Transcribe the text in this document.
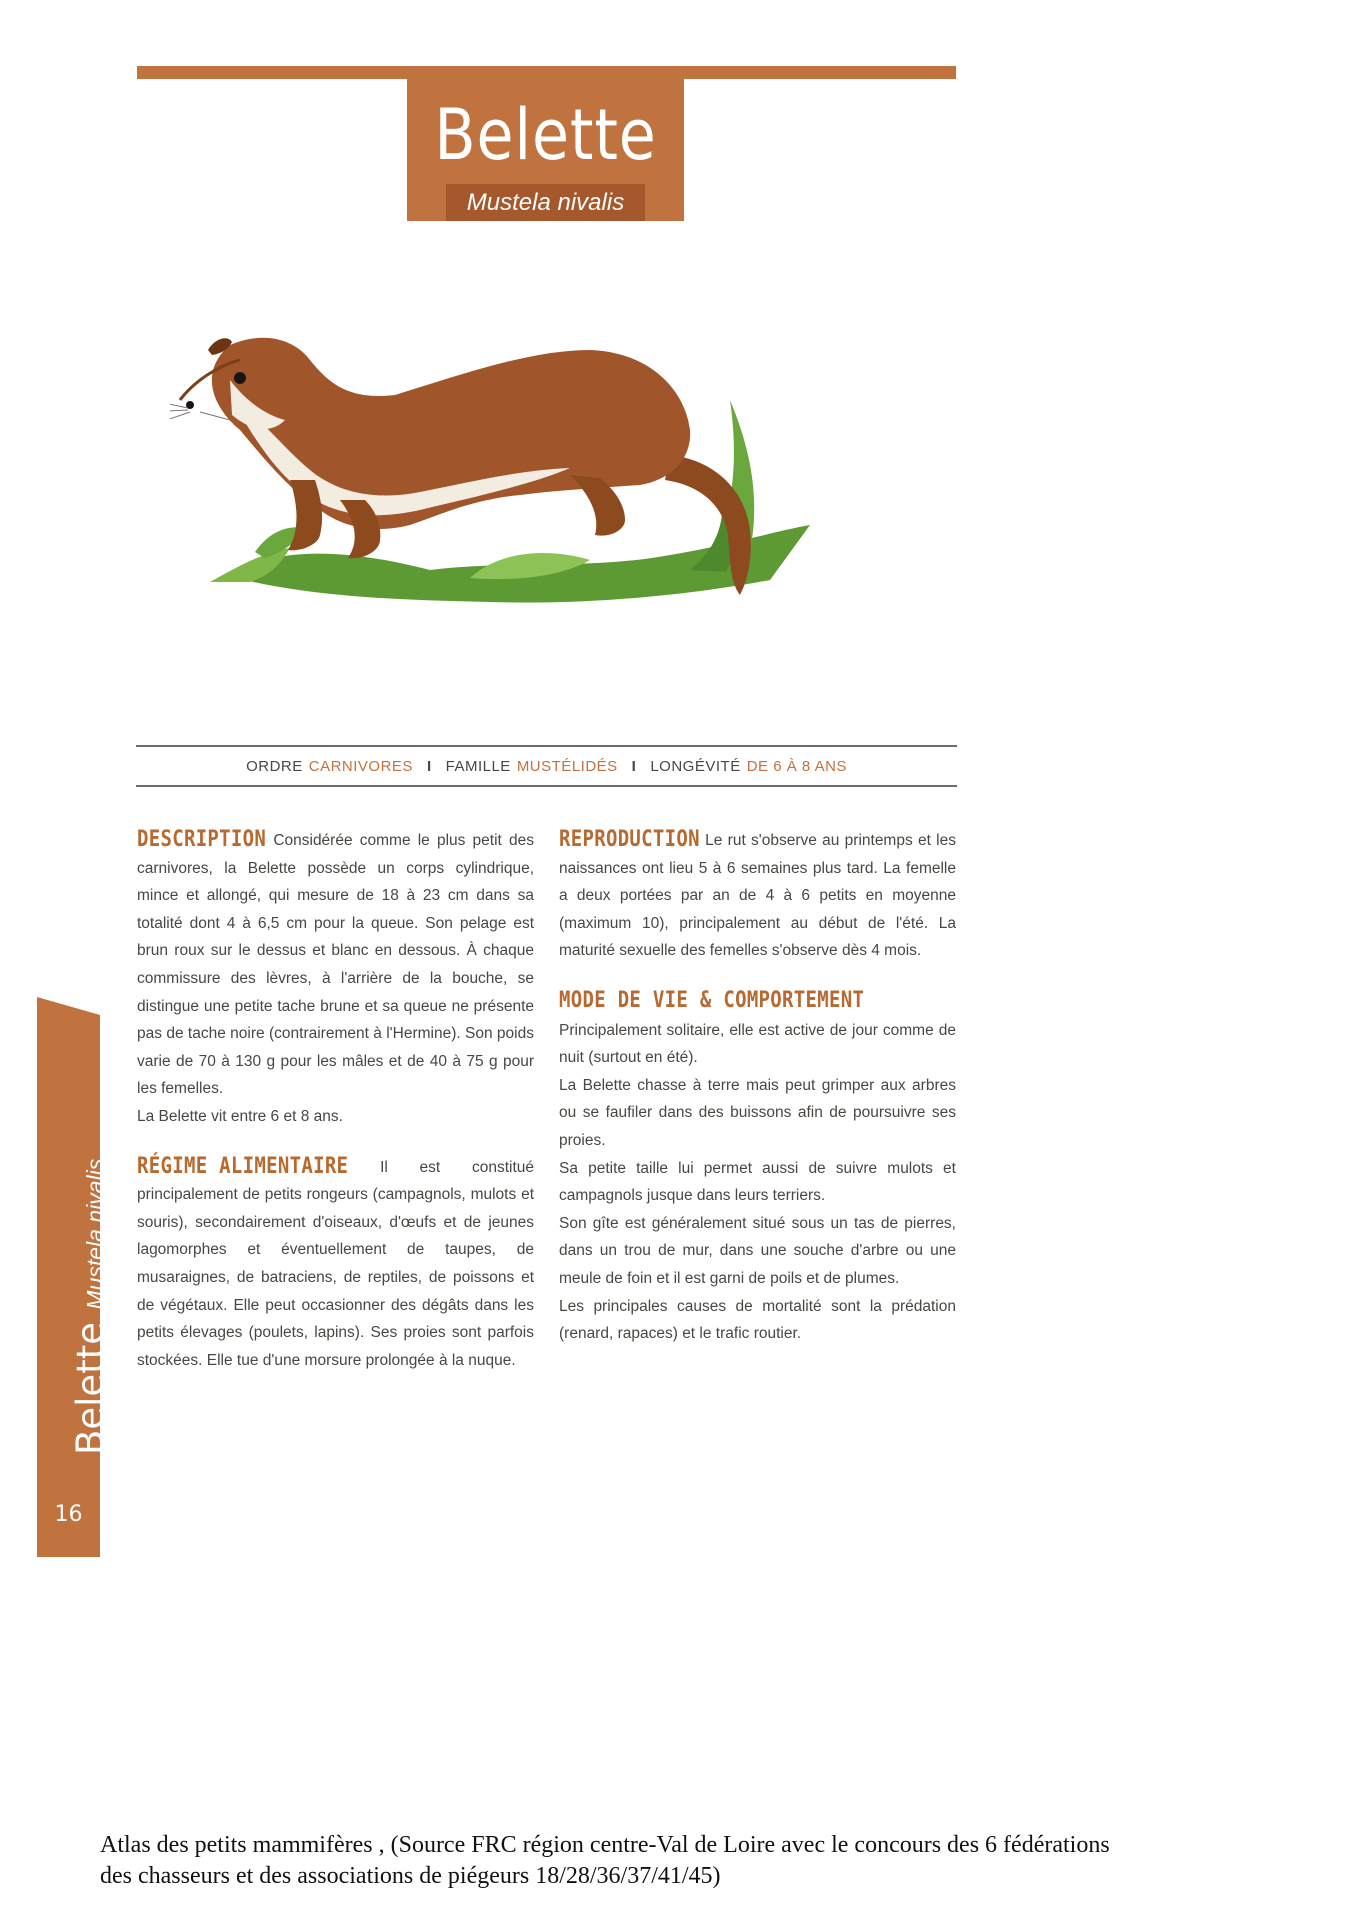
Belette
Mustela nivalis
ORDRE CARNIVORES I FAMILLE MUSTÉLIDÉS I LONGÉVITÉ DE 6 À 8 ANS

DESCRIPTION Considérée comme le plus petit des carnivores, la Belette possède un corps cylindrique, mince et allongé, qui mesure de 18 à 23 cm dans sa totalité dont 4 à 6,5 cm pour la queue. Son pelage est brun roux sur le dessus et blanc en dessous. À chaque commissure des lèvres, à l'arrière de la bouche, se distingue une petite tache brune et sa queue ne présente pas de tache noire (contrairement à l'Hermine). Son poids varie de 70 à 130 g pour les mâles et de 40 à 75 g pour les femelles.

La Belette vit entre 6 et 8 ans.

RÉGIME ALIMENTAIRE Il est constitué principalement de petits rongeurs (campagnols, mulots et souris), secondairement d'oiseaux, d'œufs et de jeunes lagomorphes et éventuellement de taupes, de musaraignes, de batraciens, de reptiles, de poissons et de végétaux. Elle peut occasionner des dégâts dans les petits élevages (poulets, lapins). Ses proies sont parfois stockées. Elle tue d'une morsure prolongée à la nuque.

REPRODUCTION Le rut s'observe au printemps et les naissances ont lieu 5 à 6 semaines plus tard. La femelle a deux portées par an de 4 à 6 petits en moyenne (maximum 10), principalement au début de l'été. La maturité sexuelle des femelles s'observe dès 4 mois.

MODE DE VIE & COMPORTEMENT

Principalement solitaire, elle est active de jour comme de nuit (surtout en été).

La Belette chasse à terre mais peut grimper aux arbres ou se faufiler dans des buissons afin de poursuivre ses proies.

Sa petite taille lui permet aussi de suivre mulots et campagnols jusque dans leurs terriers.

Son gîte est généralement situé sous un tas de pierres, dans un trou de mur, dans une souche d'arbre ou une meule de foin et il est garni de poils et de plumes.

Les principales causes de mortalité sont la prédation (renard, rapaces) et le trafic routier.

Belette Mustela nivalis
16
Atlas des petits mammifères , (Source FRC région centre-Val de Loire avec le concours des 6 fédérations
des chasseurs et des associations de piégeurs 18/28/36/37/41/45)
